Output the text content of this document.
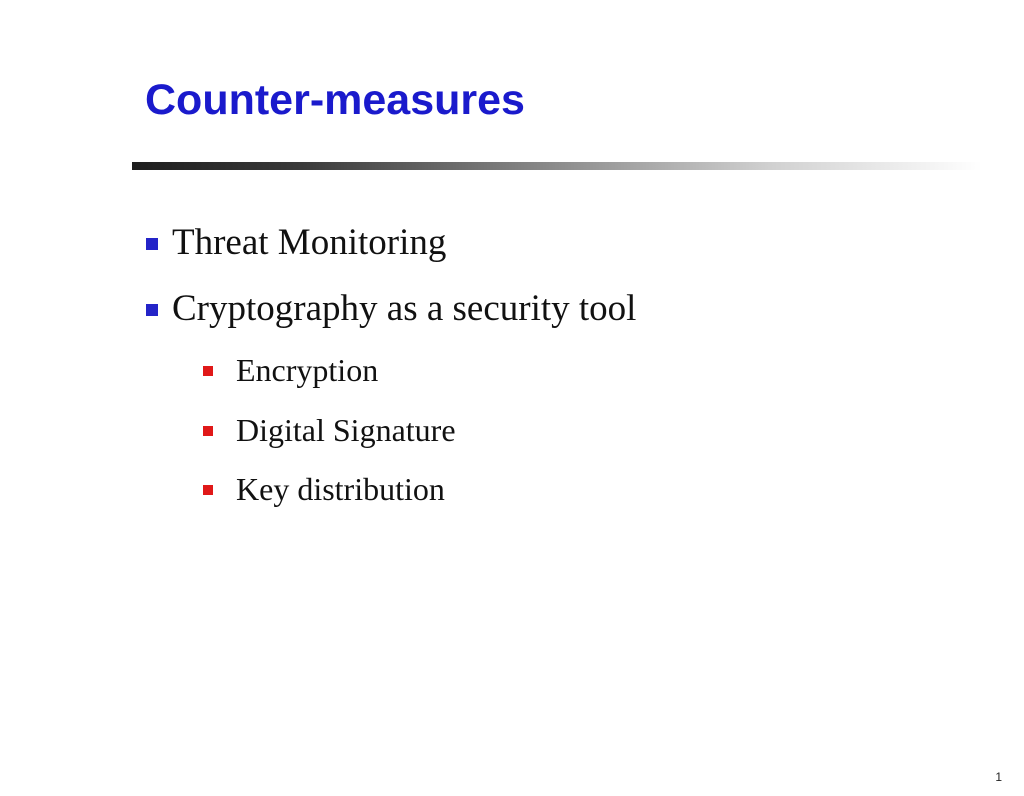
Counter-measures
Threat Monitoring
Cryptography as a security tool
Encryption
Digital Signature
Key distribution
1
